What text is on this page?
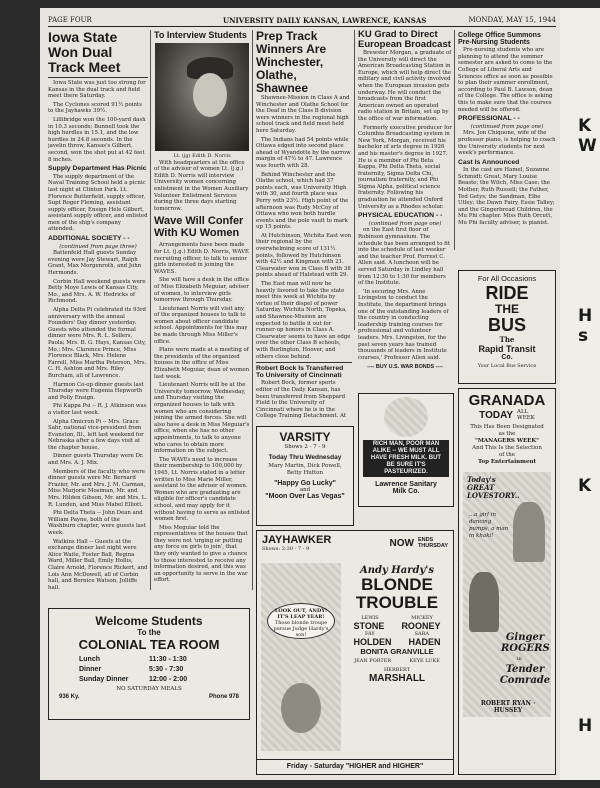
PAGE FOUR	UNIVERSITY DAILY KANSAN, LAWRENCE, KANSAS	MONDAY, MAY 15, 1944
Iowa State Won Dual Track Meet

Iowa State was just too strong for Kansas in the dual track and field meet there Saturday.

The Cyclones scored 91½ points to the Jayhawks 39½.

Lillibridge won the 100-yard dash in 10.3 seconds; Bunnell took the high hurdles in 15.1, and the low hurdles in 24.8 seconds. In the javelin throw, Kansas's Gilbert, second, won the shot put at 42 feet 8 inches.

Supply Department Has Picnic

The supply department of the Naval Training School held a picnic last night at Clinton Park. Lt. Florence Butterfield, supply officer, Supt Roger Fleming, assistant supply officer, Ensign Hele Gilbert, assistant supply officer, and enlisted men of the ship's company attended.

ADDITIONAL SOCIETY - -
(continued from page three)

Battenfeld Hall guests Sunday evening were Jay Stewart, Ralph Grant, Max Morgenroth, and John Hermonds.

Corbin Hall weekend guests were Betty Moye Lewis of Kansas City, Mo., and Mrs. A. W. Hedricks of Richmond.

Alpha Delta Pi celebrated its 93rd anniversary with the annual Founders' Day dinner yesterday. Guests who attended the formal dinner were Mrs. R. L. Sellers, Paola; Mrs. B. G. Hays, Kansas City, Mo.; Mrs. Clarence Prince, Miss Florence Black, Mrs. Helene Farrell, Miss Martha Peterson, Mrs. C. H. Ashton and Mrs. Riley Burcham, all of Lawrence.

Harmon Co-op dinner guests last Thursday were Eugenia Hepworth and Polly Ensign.

Phi Kappa Psi -- R. J. Atkinson was a visitor last week.

Alpha Omicron Pi -- Mrs. Grace Sahr, national vice-president from Evanston, Ill., left last weekend for Nebraska after a few days visit at the chapter house.

Dinner guests Thursday were Dr. and Mrs. A. J. Mix.

Members of the faculty who were dinner guests were Mr. Bernard Frazier, Mr. and Mrs. J. M. Carman, Miss Marjorie Mosiman, Mr. and Mrs. Hilden Gibson, Mr. and Mrs. L. R. Lunden, and Miss Mabel Elliott.

Phi Delta Theta -- John Dean and William Payne, both of the Washburn chapter, were guests last week.

Watkins Hall -- Guests at the exchange dinner last night were Alice Waite, Foster Ball, Regina Ward, Miller Ball, Emily Hollis, Claire Arnold, Florence Rickert, and Lois Ann McDowell, all of Corbin hall, and Bernice Watson, Jolliffe hall.

To Interview Students
Lt. (jg) Edith D. Norris

With headquarters at the office of the adviser of women Lt. (j.g.) Edith D. Norris will interview University women concerning enlistment in the Women Auxiliary Volunteer Enlistment Services during the three days starting tomorrow.

Wave Will Confer With KU Women

Arrangements have been made for Lt. (j.g.) Edith D. Norris, WAVE recruiting officer, to talk to senior girls interested in joining the WAVES.

She will have a desk in the office of Miss Elizabeth Meguiar, adviser of women, to interview girls tomorrow through Thursday.

Lieutenant Norris will visit any of the organized houses to talk to women about officer candidate school. Appointments for this may be made through Miss Miller's office.

Plans were made at a meeting of the presidents of the organized houses in the office of Miss Elizabeth Meguiar, dean of women last week.

Lieutenant Norris will be at the University tomorrow, Wednesday, and Thursday visiting the organized houses to talk with women who are considering joining the armed forces. She will also have a desk in Miss Meguiar's office, when she has no other appointments, to talk to anyone who cares to obtain more information on the subject.

The WAVEs need to increase their membership to 100,000 by 1945, Lt. Norris stated in a letter written to Miss Marie Miller, assistant to the adviser of women. Women who are graduating are eligible for officer's candidate school, and may apply for it without having to serve as enlisted women first.

Miss Meguiar told the representatives of the houses that they were not 'urging or putting any force on girls to join', that they only wanted to give a chance to those interested to receive any information desired, and this was an opportunity to serve in the war effort.

Prep Track Winners Are Winchester, Olathe, Shawnee

Shawnee-Mission in Class A and Winchester and Olathe School for the Deaf in the Class B division were winners in the regional high school track and field meet held here Saturday.

The Indians had 54 points while Ottawa edged into second place ahead of Wyandotte by the narrow margin of 47½ to 47. Lawrence was fourth with 28.

Behind Winchester and the Olathe school, which had 37 points each, was University High with 30, and fourth place was Perry with 23½. High point of the afternoon was Rudy McCoy of Ottawa who won both hurdle events and the pole vault to mark up 15 points.

At Hutchinson, Wichita East won their regional by the overwhelming score of 131½ points, followed by Hutchinson with 42½ and Kingman with 21. Clearwater won in Class B with 38 points ahead of Halstead with 29.

The East man will now be heavily favored to take the state meet this week at Wichita by virtue of their dispel of power Saturday. Wichita North, Topeka, and Shawnee-Mission are expected to battle it out for runner-up honors in Class A. Clearwater seems to have an edge over the other Class B schools, with Burlington, Hoover, and others close behind.

Robert Bock Is Transferred To University of Cincinnati

Robert Bock, former sports editor of the Daily Kansan, has been transferred from Sheppard Field to the University of Cincinnati where he is in the College Training Detachment. At

KU Grad to Direct European Broadcast

Brewster Morgan, a graduate of the University will direct the American Broadcasting Station in Europe, which will help direct the military and civil activity involved when the European invasion gets underway. He will conduct the broadcasts from the first American owned an operated radio station in Britain, set up by the office of war information.

Formerly executive producer for Columbia Broadcasting system in New York, Morgan, received his bachelor of arts degree in 1926 and his master's degree in 1927. He is a member of Phi Beta Kappa, Phi Delta Theta, social fraternity, Sigma Delta Chi, journalism fraternity, and Phi Sigma Alpha, political science fraternity. Following his graduation he attended Oxford University as a Rhodes scholar.

PHYSICAL EDUCATION - -
(continued from page one)

on the East first floor of Robinson gymnasium. The schedule has been arranged to fit into the schedule of last weeker and the teacher Prof. Forrest C. Allen said. A luncheon will be served Saturday in Lindley hall from 12:30 to 1:30 for members of the Institute.

'In securing Mrs. Anne Livingston to conduct the Institute, the department brings one of the outstanding leaders of the country in conducting leadership training courses for professional and volunteer leaders. Mrs. Livingston, for the past seven years has trained thousands of leaders in Institute courses,' Professor Allen said.

---- BUY U.S. WAR BONDS ----
College Office Summons Pre-Nursing Students

Pre-nursing students who are planning to attend the summer semester are asked to come to the College of Liberal Arts and Sciences office as soon as possible to plan their summer enrollment, according to Paul B. Lawson, dean of the College. The office is asking this to make sure that the courses needed will be offered.

PROFESSIONAL - -
(continued from page one)

Mrs. Jon Chiquone, wife of the professor piano, is helping to coach the University students for next week's performance.

Cast Is Announced

In the cast are Hamel, Suzanne Schmidt; Great, Mary Louise Beaste; the Witch, Miss Case; the Mother, Ruth Russell; the Father, Ted Getys; the Sandman, Elbe Utley; the Dawn Fairy, Essie Talley; and the Gingerbread Children, the Mu Phi chapter. Miss Ruth Orcutt, Mu Phi faculty adviser, is pianist.

RICH MAN, POOR MAN
ALIKE -- WE MUST ALL
HAVE FRESH MILK. BUT
BE SURE IT'S PASTEURIZED.
Lawrence Sanitary
Milk Co.
For All Occasions
RIDE
THE
BUS
The
Rapid Transit
Co.
Your Local Bus Service
GRANADA
TODAY ALL
WEEK
This Has Been Designated
as the
"MANAGERS WEEK"
And This Is the Selection
of the
Top Entertainment
Today's GREAT LOVESTORY..
...a girl in dancing pumps, a man in khaki!
Ginger ROGERS
in
Tender Comrade
ROBERT RYAN · HUSSEY
VARSITY
Shows 2 - 7 - 9
Today Thru Wednesday
Mary Martin, Dick Powell, Betty Hutton
"Happy Go Lucky"
and
"Moon Over Las Vegas"
Welcome Students
To the
COLONIAL TEA ROOM
Lunch	11:30 - 1:30
Dinner	5:30 - 7:30
Sunday Dinner	12:00 - 2:00
NO SATURDAY MEALS
936 Ky.	Phone 978
JAYHAWKER
Shows: 2:30 - 7 - 9
NOW ENDS
THURSDAY
LOOK OUT, ANDY!
IT'S LEAP YEAR!
Those blonde troupe pursue Judge Hardy's son!
Andy Hardy's
BLONDE
TROUBLE
LEWIS	MICKEY
STONE ROONEY
FAY	SARA
HOLDEN HADEN
BONITA GRANVILLE
JEAN PORTER	KEYE LUKE
HERBERT
MARSHALL
Friday - Saturday "HIGHER and HIGHER"
K
W
H
s
K
H
